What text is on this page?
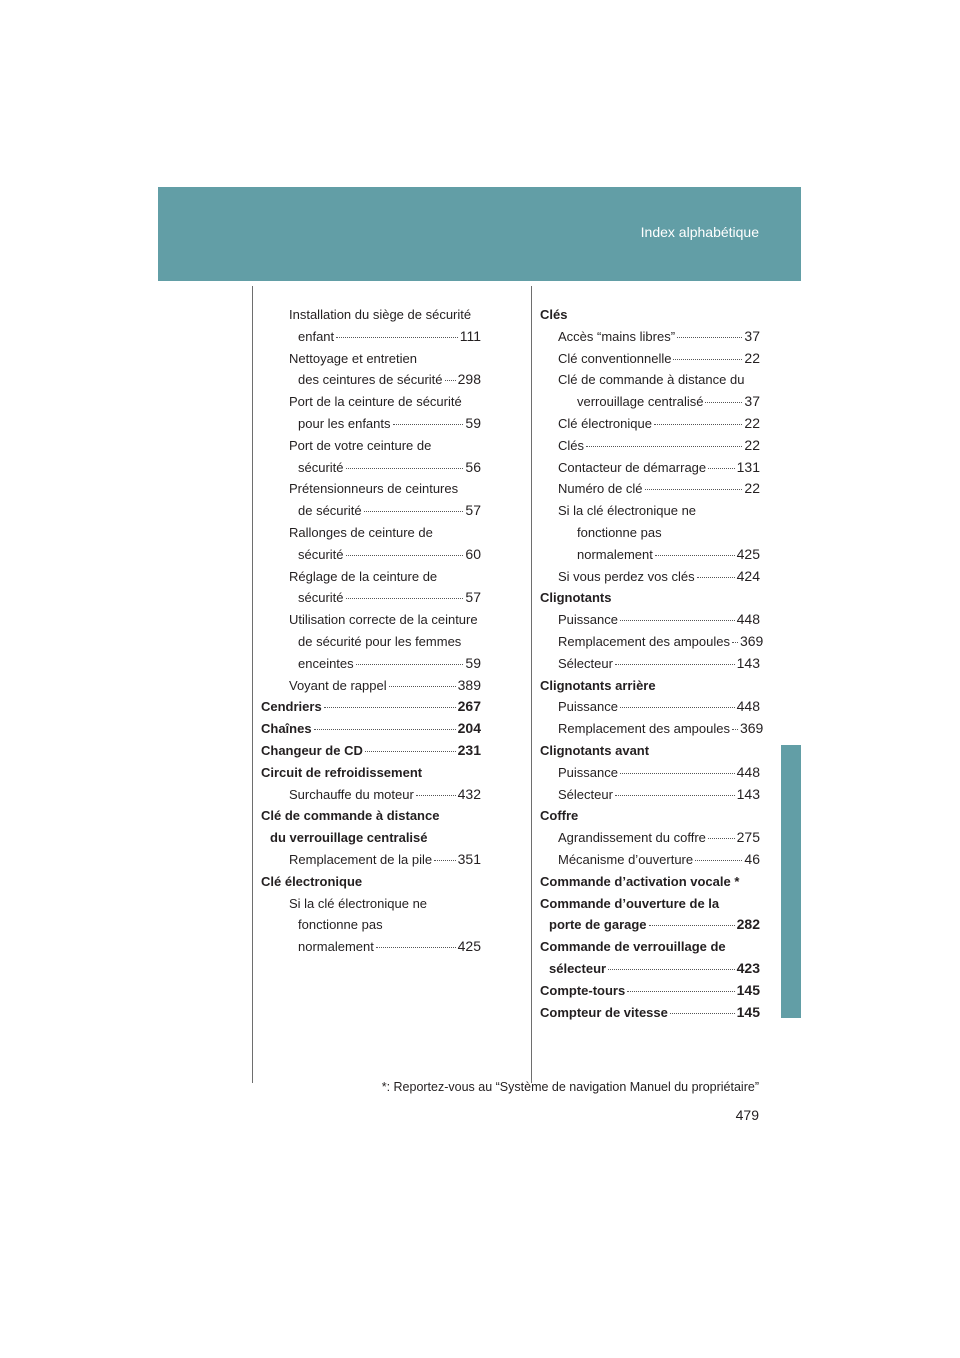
Index alphabétique
Installation du siège de sécurité
enfant	111
Nettoyage et entretien
des ceintures de sécurité 298
Port de la ceinture de sécurité
pour les enfants	59
Port de votre ceinture de
sécurité	56
Prétensionneurs de ceintures
de sécurité	57
Rallonges de ceinture de
sécurité	60
Réglage de la ceinture de
sécurité	57
Utilisation correcte de la ceinture
de sécurité pour les femmes
enceintes	59
Voyant de rappel	389
Cendriers	267
Chaînes	204
Changeur de CD	231
Circuit de refroidissement
Surchauffe du moteur	432
Clé de commande à distance
du verrouillage centralisé
Remplacement de la pile 351
Clé électronique
Si la clé électronique ne
fonctionne pas
normalement	425
Clés
Accès “mains libres”	37
Clé conventionnelle	22
Clé de commande à distance du
verrouillage centralisé	37
Clé électronique	22
Clés	22
Contacteur de démarrage 131
Numéro de clé	22
Si la clé électronique ne
fonctionne pas
normalement	425
Si vous perdez vos clés	424
Clignotants
Puissance	448
Remplacement des ampoules 369
Sélecteur	143
Clignotants arrière
Puissance	448
Remplacement des ampoules 369
Clignotants avant
Puissance	448
Sélecteur	143
Coffre
Agrandissement du coffre 275
Mécanisme d’ouverture	46
Commande d’activation vocale *
Commande d’ouverture de la
porte de garage	282
Commande de verrouillage de
sélecteur	423
Compte-tours	145
Compteur de vitesse	145
*: Reportez-vous au “Système de navigation Manuel du propriétaire”
479
